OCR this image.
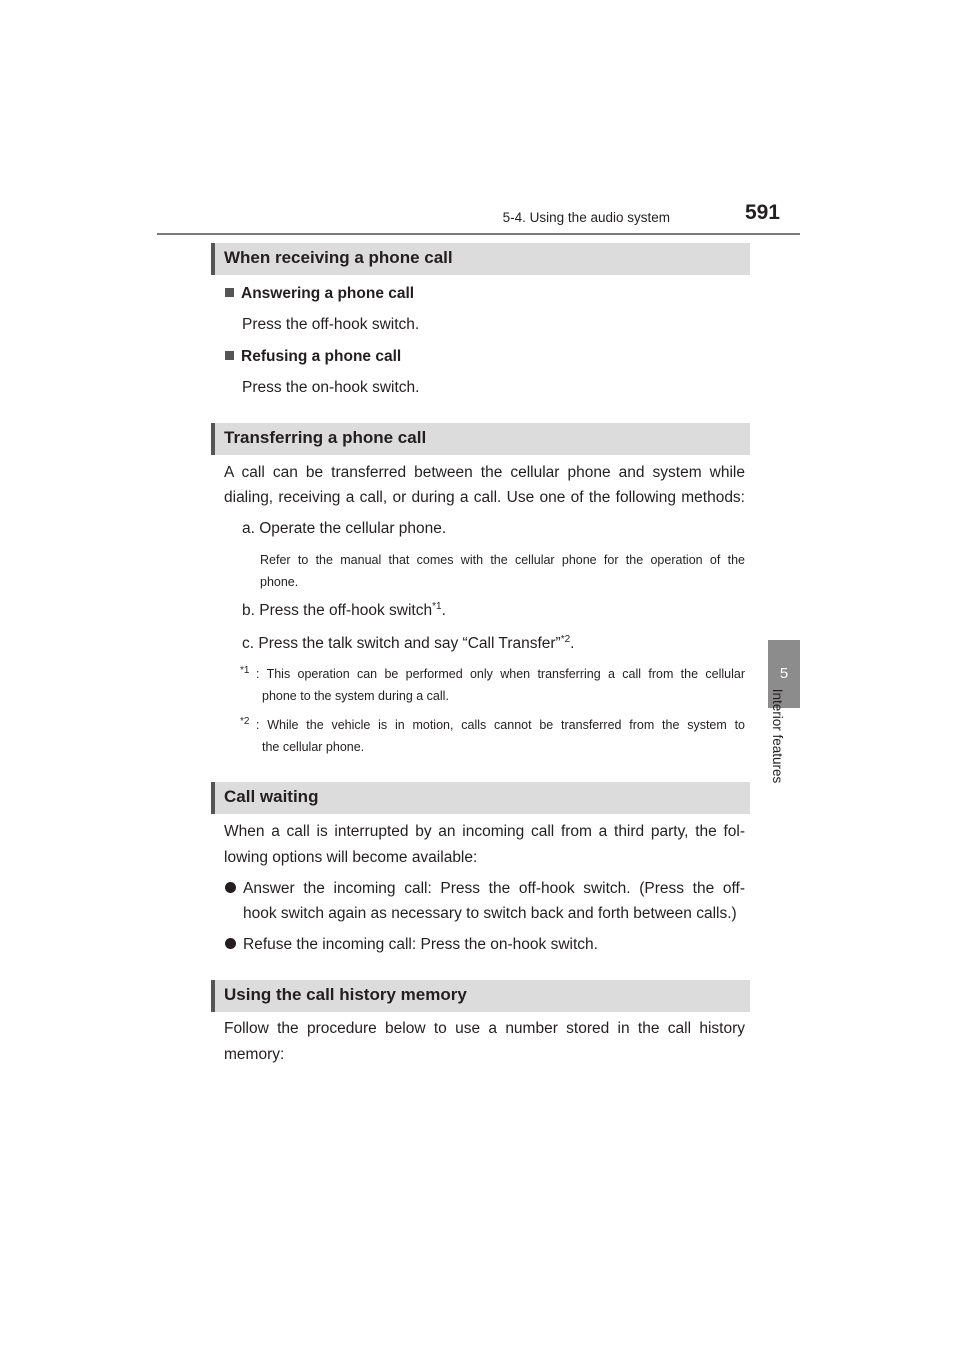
5-4. Using the audio system	591
5
Interior features
When receiving a phone call
Answering a phone call
Press the off-hook switch.
Refusing a phone call
Press the on-hook switch.
Transferring a phone call
A call can be transferred between the cellular phone and system while
dialing, receiving a call, or during a call. Use one of the following methods:
a. Operate the cellular phone.
Refer to the manual that comes with the cellular phone for the operation of the
phone.
b. Press the off-hook switch$^{*1}$.
c. Press the talk switch and say “Call Transfer”$^{*2}$.
$^{*1}$ : This operation can be performed only when transferring a call from the cellular
phone to the system during a call.
$^{*2}$ : While the vehicle is in motion, calls cannot be transferred from the system to
the cellular phone.
Call waiting
When a call is interrupted by an incoming call from a third party, the fol-
lowing options will become available:
Answer the incoming call: Press the off-hook switch. (Press the off-
hook switch again as necessary to switch back and forth between calls.)
Refuse the incoming call: Press the on-hook switch.
Using the call history memory
Follow the procedure below to use a number stored in the call history
memory:
